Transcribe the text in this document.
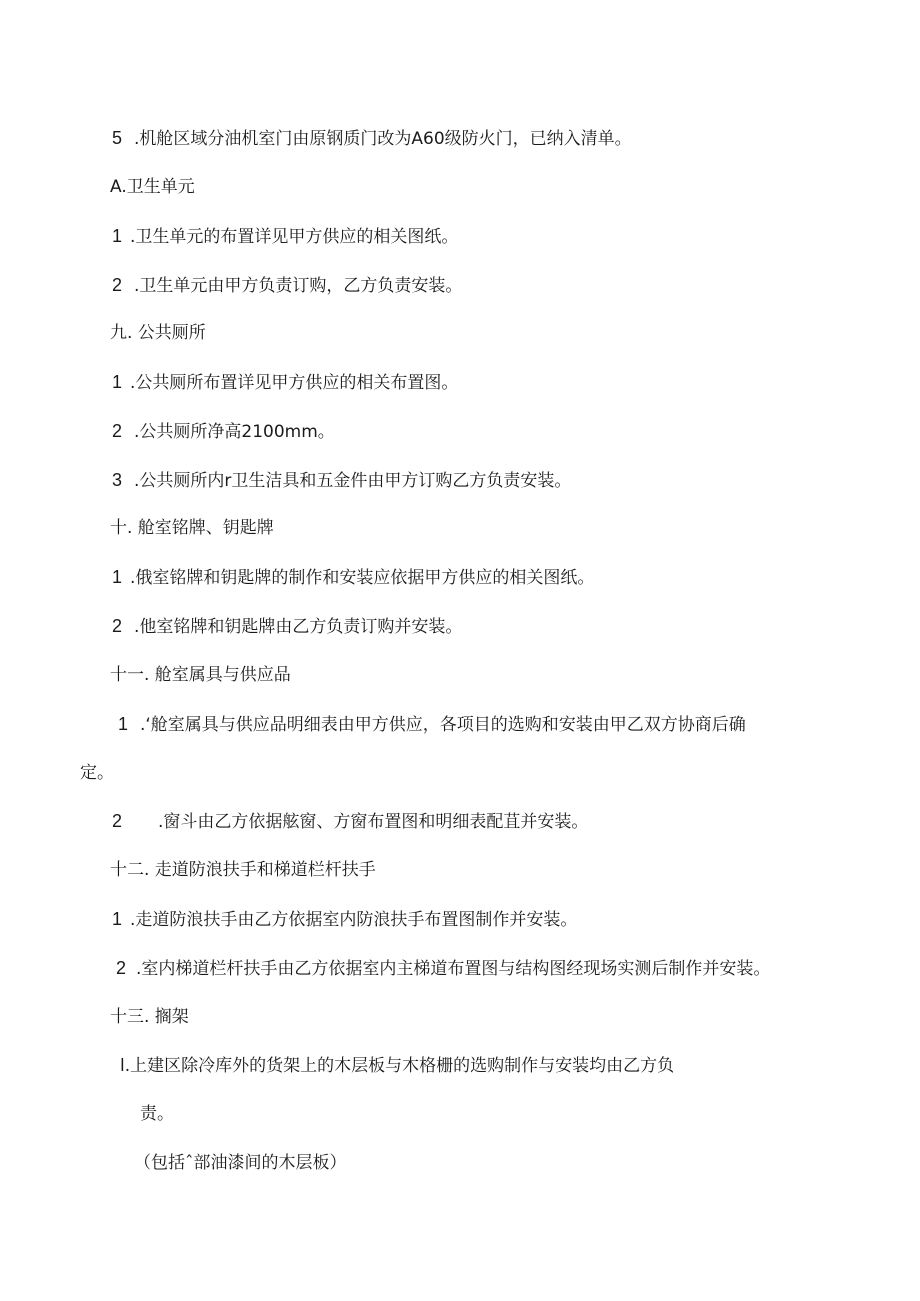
5 .机舱区域分油机室门由原钢质门改为A60级防火门，已纳入清单。
A.卫生单元
1 .卫生单元的布置详见甲方供应的相关图纸。
2 .卫生单元由甲方负责订购，乙方负责安装。
九. 公共厕所
1 .公共厕所布置详见甲方供应的相关布置图。
2 .公共厕所净高2100mm。
3 .公共厕所内r卫生洁具和五金件由甲方订购乙方负责安装。
十. 舱室铭牌、钥匙牌
1 .俄室铭牌和钥匙牌的制作和安装应依据甲方供应的相关图纸。
2 .他室铭牌和钥匙牌由乙方负责订购并安装。
十一. 舱室属具与供应品
1 .‘舱室属具与供应品明细表由甲方供应，各项目的选购和安装由甲乙双方协商后确
定。
2 .窗斗由乙方依据舷窗、方窗布置图和明细表配苴并安装。
十二. 走道防浪扶手和梯道栏杆扶手
1 .走道防浪扶手由乙方依据室内防浪扶手布置图制作并安装。
2 .室内梯道栏杆扶手由乙方依据室内主梯道布置图与结构图经现场实测后制作并安装。
十三. 搁架
l.上建区除冷库外的货架上的木层板与木格栅的选购制作与安装均由乙方负
责。
（包括ˆ部油漆间的木层板）
